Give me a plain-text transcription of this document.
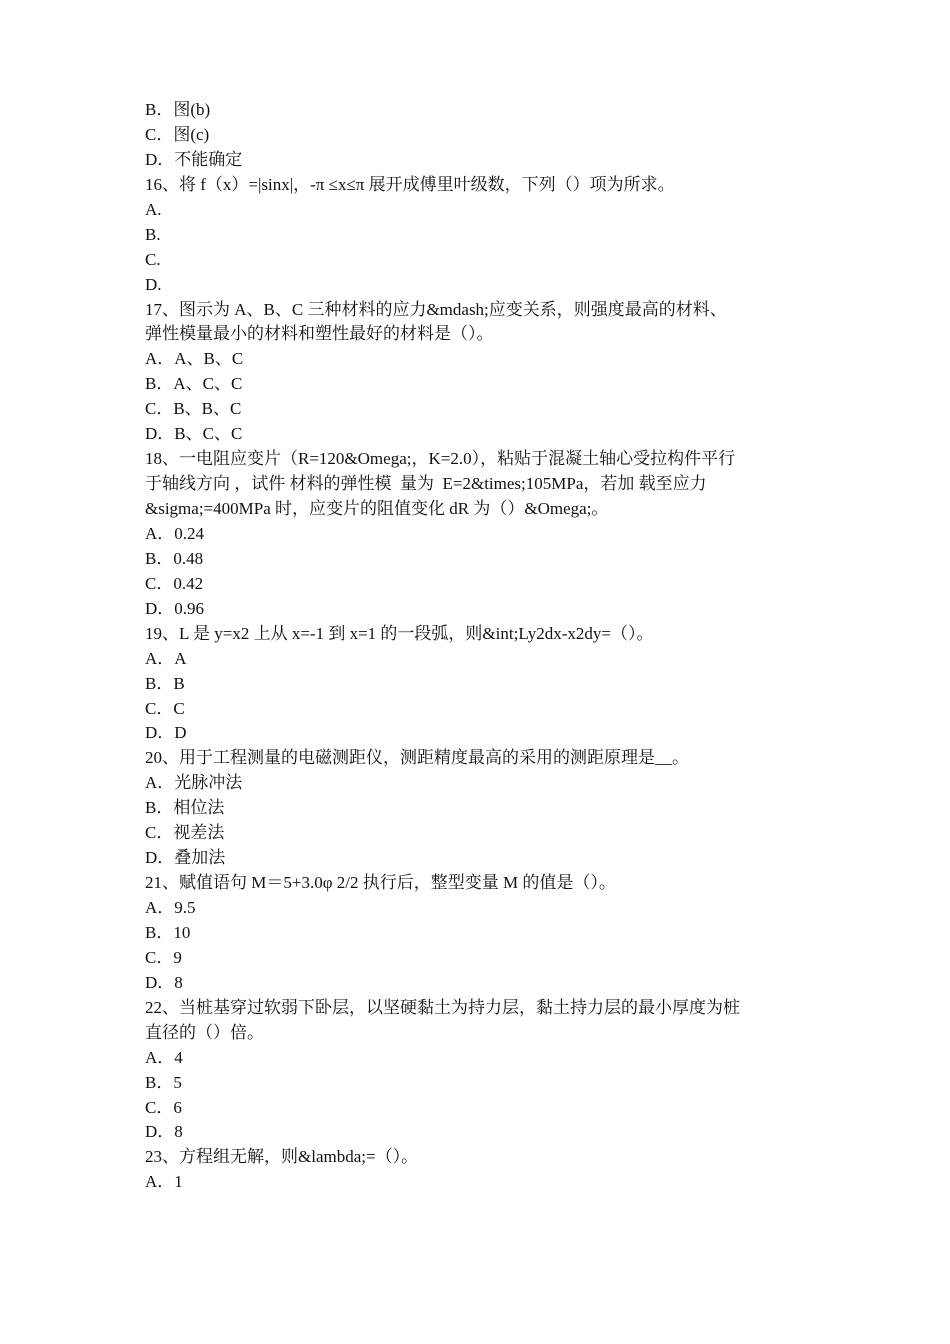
B．图(b)
C．图(c)
D．不能确定
16、将 f（x）=|sinx|，-π ≤x≤π 展开成傅里叶级数，下列（）项为所求。
A.
B.
C.
D.
17、图示为 A、B、C 三种材料的应力&mdash;应变关系，则强度最高的材料、
弹性模量最小的材料和塑性最好的材料是（）。
A．A、B、C
B．A、C、C
C．B、B、C
D．B、C、C
18、一电阻应变片（R=120&Omega;，K=2.0），粘贴于混凝土轴心受拉构件平行
于轴线方向 ，试件 材料的弹性模  量为  E=2&times;105MPa，若加 载至应力
&sigma;=400MPa 时，应变片的阻值变化 dR 为（）&Omega;。
A．0.24
B．0.48
C．0.42
D．0.96
19、L 是 y=x2 上从 x=-1 到 x=1 的一段弧，则&int;Ly2dx-x2dy=（）。
A．A
B．B
C．C
D．D
20、用于工程测量的电磁测距仪，测距精度最高的采用的测距原理是__。
A．光脉冲法
B．相位法
C．视差法
D．叠加法
21、赋值语句 M＝5+3.0φ 2/2 执行后，整型变量 M 的值是（）。
A．9.5
B．10
C．9
D．8
22、当桩基穿过软弱下卧层，以坚硬黏土为持力层，黏土持力层的最小厚度为桩
直径的（）倍。
A．4
B．5
C．6
D．8
23、方程组无解，则&lambda;=（）。
A．1
